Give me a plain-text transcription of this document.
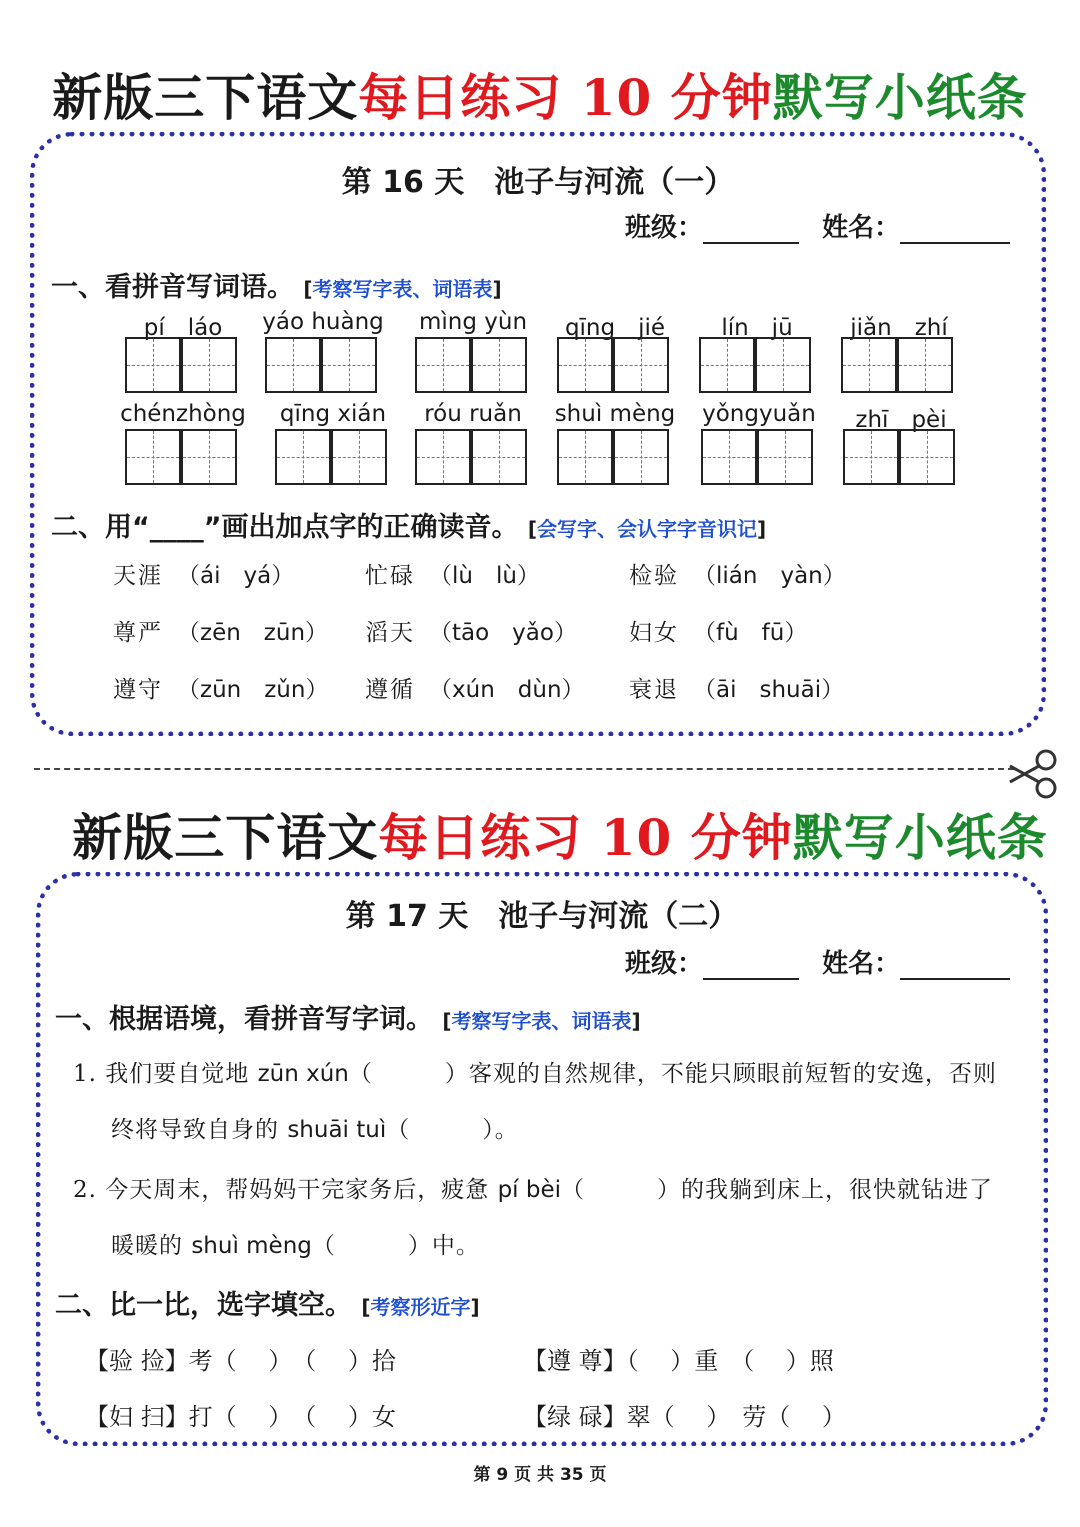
新版三下语文每日练习 10 分钟默写小纸条
第 16 天　池子与河流（一）
班级：	姓名：
一、看拼音写词语。 [考察写字表、词语表]
pí　láo	yáo huàng	mìng yùn	qīng　jié	lín　jū	jiǎn　zhí
chénzhòng	qīng xián	róu ruǎn	shuì mèng	yǒngyuǎn	zhī　pèi
二、用“____”画出加点字的正确读音。 [会写字、会认字字音识记]
天涯 （ái　yá）	忙碌 （lù　lù）	检验 （lián　yàn）
尊严 （zēn　zūn） 滔天 （tāo　yǎo） 妇女 （fù　fū）
遵守 （zūn　zǔn） 遵循 （xún　dùn） 衰退 （āi　shuāi）
新版三下语文每日练习 10 分钟默写小纸条
第 17 天　池子与河流（二）
班级：	姓名：
一、根据语境，看拼音写字词。 [考察写字表、词语表]
1. 我们要自觉地 zūn xún（　　　）客观的自然规律，不能只顾眼前短暂的安逸，否则
终将导致自身的 shuāi tuì（　　　）。
2. 今天周末，帮妈妈干完家务后，疲惫 pí bèi（　　　）的我躺到床上，很快就钻进了
暖暖的 shuì mèng（　　　）中。
二、比一比，选字填空。 [考察形近字]
【验 捡】考（　 ）　（　 ）拾	【遵 尊】（　 ）重　（　 ）照
【妇 扫】打（　 ）　（　 ）女	【绿 碌】翠（　 ）　劳（　 ）
第 9 页 共 35 页
